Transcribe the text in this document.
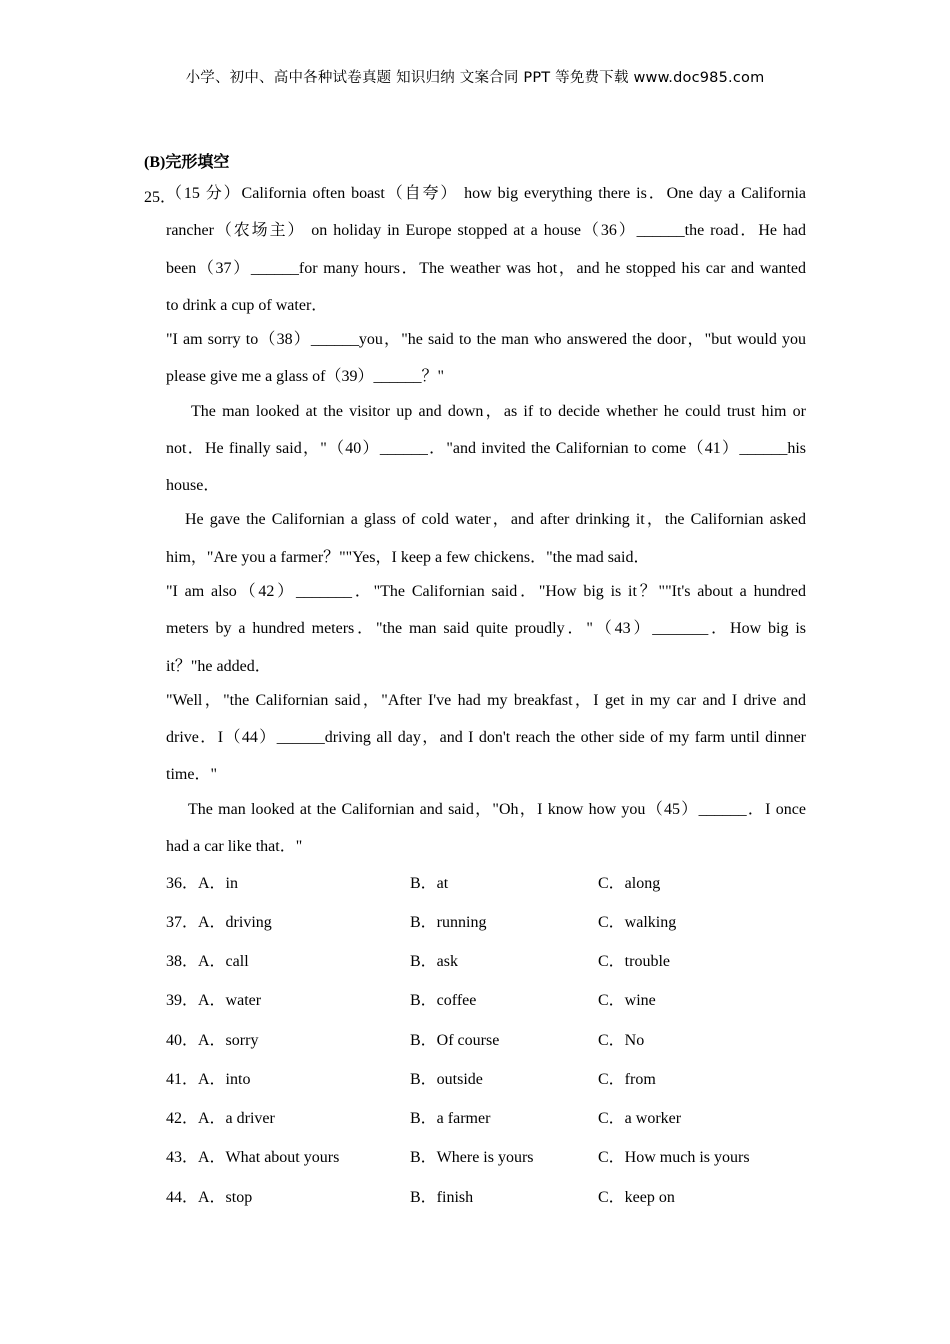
小学、初中、高中各种试卷真题 知识归纳 文案合同 PPT 等免费下载 www.doc985.com
(B)完形填空
25．
（15 分）California often boast（自夸） how big everything there is．One day a California
rancher（农场主） on holiday in Europe stopped at a house（36）______the road．He had
been（37）______for many hours．The weather was hot，and he stopped his car and wanted
to drink a cup of water．
"I am sorry to（38）______you，"he said to the man who answered the door，"but would you
please give me a glass of（39）______？"
The man looked at the visitor up and down，as if to decide whether he could trust him or
not．He finally said，"（40）______．"and invited the Californian to come（41）______his
house．
He gave the Californian a glass of cold water，and after drinking it，the Californian asked
him，"Are you a farmer？""Yes，I keep a few chickens．"the mad said．
"I am also（42）_______．"The Californian said．"How big is it？""It's about a hundred
meters by a hundred meters．"the man said quite proudly．"（43）_______．How big is
it？"he added．
"Well，"the Californian said，"After I've had my breakfast，I get in my car and I drive and
drive．I（44）______driving all day，and I don't reach the other side of my farm until dinner
time．"
The man looked at the Californian and said，"Oh，I know how you（45）______．I once
had a car like that．"
36．A．in	B．at	C．along
37．A．driving	B．running	C．walking
38．A．call	B．ask	C．trouble
39．A．water	B．coffee	C．wine
40．A．sorry	B．Of course	C．No
41．A．into	B．outside	C．from
42．A．a driver	B．a farmer	C．a worker
43．A．What about yours	B．Where is yours	C．How much is yours
44．A．stop	B．finish	C．keep on
